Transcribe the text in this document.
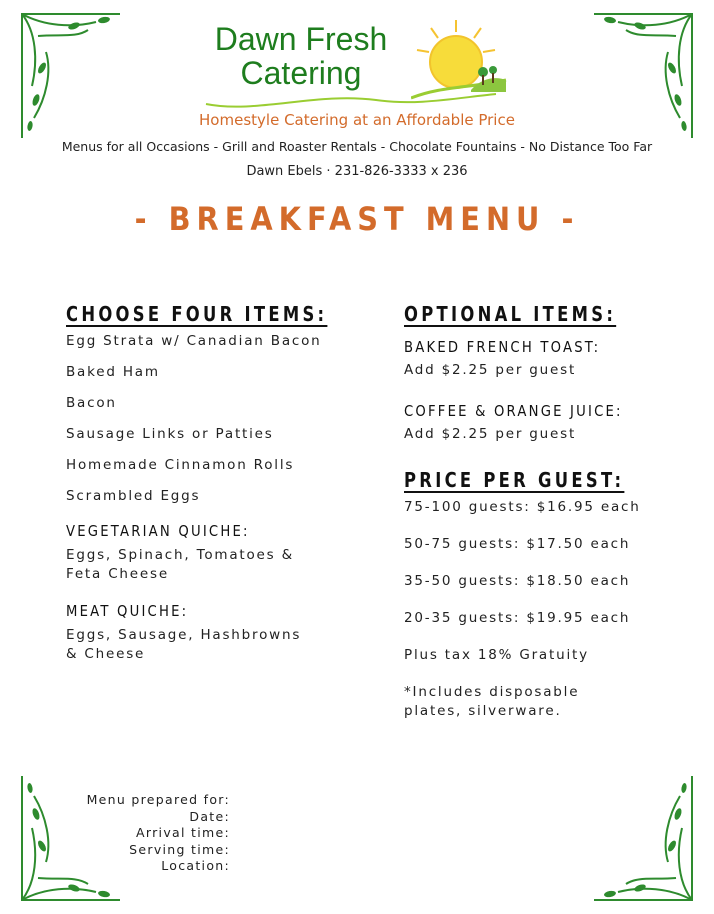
Dawn Fresh
Catering
Homestyle Catering at an Affordable Price
Menus for all Occasions - Grill and Roaster Rentals - Chocolate Fountains - No Distance Too Far
Dawn Ebels · 231-826-3333 x 236
- BREAKFAST MENU -
CHOOSE FOUR ITEMS:
Egg Strata w/ Canadian Bacon
Baked Ham
Bacon
Sausage Links or Patties
Homemade Cinnamon Rolls
Scrambled Eggs
VEGETARIAN QUICHE:
Eggs, Spinach, Tomatoes &
Feta Cheese
MEAT QUICHE:
Eggs, Sausage, Hashbrowns
& Cheese
OPTIONAL ITEMS:
BAKED FRENCH TOAST:
Add $2.25 per guest
COFFEE & ORANGE JUICE:
Add $2.25 per guest
PRICE PER GUEST:
75-100 guests: $16.95 each
50-75 guests: $17.50 each
35-50 guests: $18.50 each
20-35 guests: $19.95 each
Plus tax 18% Gratuity
*Includes disposable
plates, silverware.
Menu prepared for:
Date:
Arrival time:
Serving time:
Location:
